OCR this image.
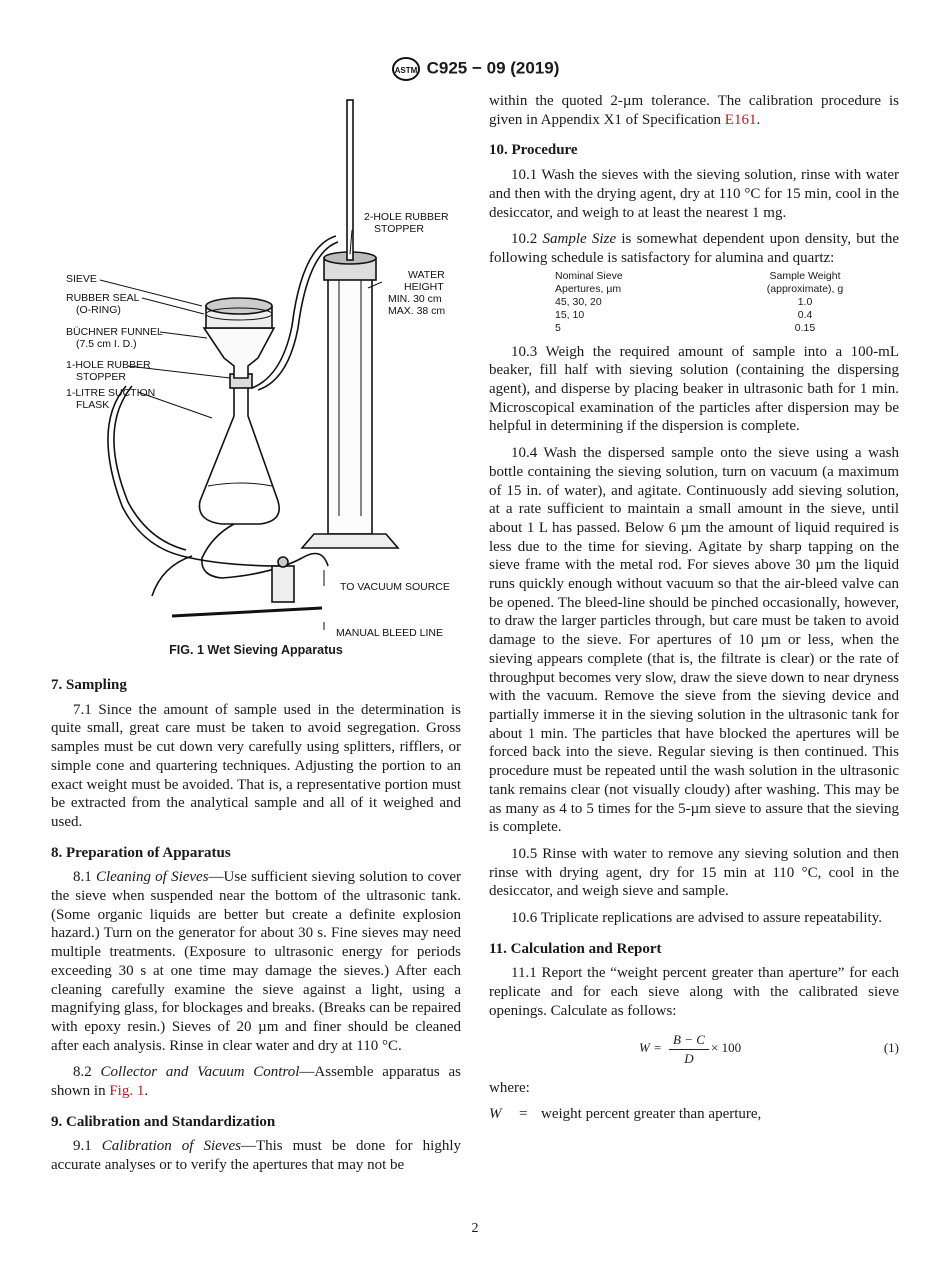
ASTM C925 − 09 (2019)
SIEVE
RUBBER SEAL
(O-RING)
BÜCHNER FUNNEL
(7.5 cm I. D.)
1-HOLE RUBBER
STOPPER
1-LITRE SUCTION
FLASK
2-HOLE RUBBER
STOPPER
WATER
HEIGHT
MIN. 30 cm
MAX. 38 cm
TO VACUUM SOURCE
MANUAL BLEED LINE
FIG. 1 Wet Sieving Apparatus
7. Sampling

7.1 Since the amount of sample used in the determination is quite small, great care must be taken to avoid segregation. Gross samples must be cut down very carefully using splitters, rifflers, or simple cone and quartering techniques. Adjusting the portion to an exact weight must be avoided. That is, a representative portion must be extracted from the analytical sample and all of it weighed and used.

8. Preparation of Apparatus

8.1 Cleaning of Sieves—Use sufficient sieving solution to cover the sieve when suspended near the bottom of the ultrasonic tank. (Some organic liquids are better but create a definite explosion hazard.) Turn on the generator for about 30 s. Fine sieves may need multiple treatments. (Exposure to ultrasonic energy for periods exceeding 30 s at one time may damage the sieves.) After each cleaning carefully examine the sieve against a light, using a magnifying glass, for blockages and breaks. (Breaks can be repaired with epoxy resin.) Sieves of 20 µm and finer should be cleaned after each analysis. Rinse in clear water and dry at 110 °C.

8.2 Collector and Vacuum Control—Assemble apparatus as shown in Fig. 1.

9. Calibration and Standardization

9.1 Calibration of Sieves—This must be done for highly accurate analyses or to verify the apertures that may not be

within the quoted 2-µm tolerance. The calibration procedure is given in Appendix X1 of Specification E161.

10. Procedure

10.1 Wash the sieves with the sieving solution, rinse with water and then with the drying agent, dry at 110 °C for 15 min, cool in the desiccator, and weigh to at least the nearest 1 mg.

10.2 Sample Size is somewhat dependent upon density, but the following schedule is satisfactory for alumina and quartz:

Nominal Sieve	Sample Weight
Apertures, µm	(approximate), g
45, 30, 20	1.0
15, 10	0.4
5	0.15

10.3 Weigh the required amount of sample into a 100-mL beaker, fill half with sieving solution (containing the dispersing agent), and disperse by placing beaker in ultrasonic bath for 1 min. Microscopical examination of the particles after dispersion may be helpful in determining if the dispersion is complete.

10.4 Wash the dispersed sample onto the sieve using a wash bottle containing the sieving solution, turn on vacuum (a maximum of 15 in. of water), and agitate. Continuously add sieving solution, at a rate sufficient to maintain a small amount in the sieve, until about 1 L has passed. Below 6 µm the amount of liquid required is less due to the time for sieving. Agitate by sharp tapping on the sieve frame with the metal rod. For sieves above 30 µm the liquid runs quickly enough without vacuum so that the air-bleed valve can be opened. The bleed-line should be pinched occasionally, however, to draw the larger particles through, but care must be taken to avoid damage to the sieve. For apertures of 10 µm or less, when the sieving appears complete (that is, the filtrate is clear) or the rate of throughput becomes very slow, draw the sieve down to near dryness with the vacuum. Remove the sieve from the sieving device and partially immerse it in the sieving solution in the ultrasonic tank for about 1 min. The particles that have blocked the apertures will be forced back into the sieve. Regular sieving is then continued. This procedure must be repeated until the wash solution in the ultrasonic tank remains clear (not visually cloudy) after washing. This may be as many as 4 to 5 times for the 5-µm sieve to assure that the sieving is complete.

10.5 Rinse with water to remove any sieving solution and then rinse with drying agent, dry for 15 min at 110 °C, cool in the desiccator, and weigh sieve and sample.

10.6 Triplicate replications are advised to assure repeatability.

11. Calculation and Report

11.1 Report the “weight percent greater than aperture” for each replicate and for each sieve along with the calibrated sieve openings. Calculate as follows:

$W = \frac{B - C}{D} \times 100$	(1)

where:

W	= weight percent greater than aperture,

2
